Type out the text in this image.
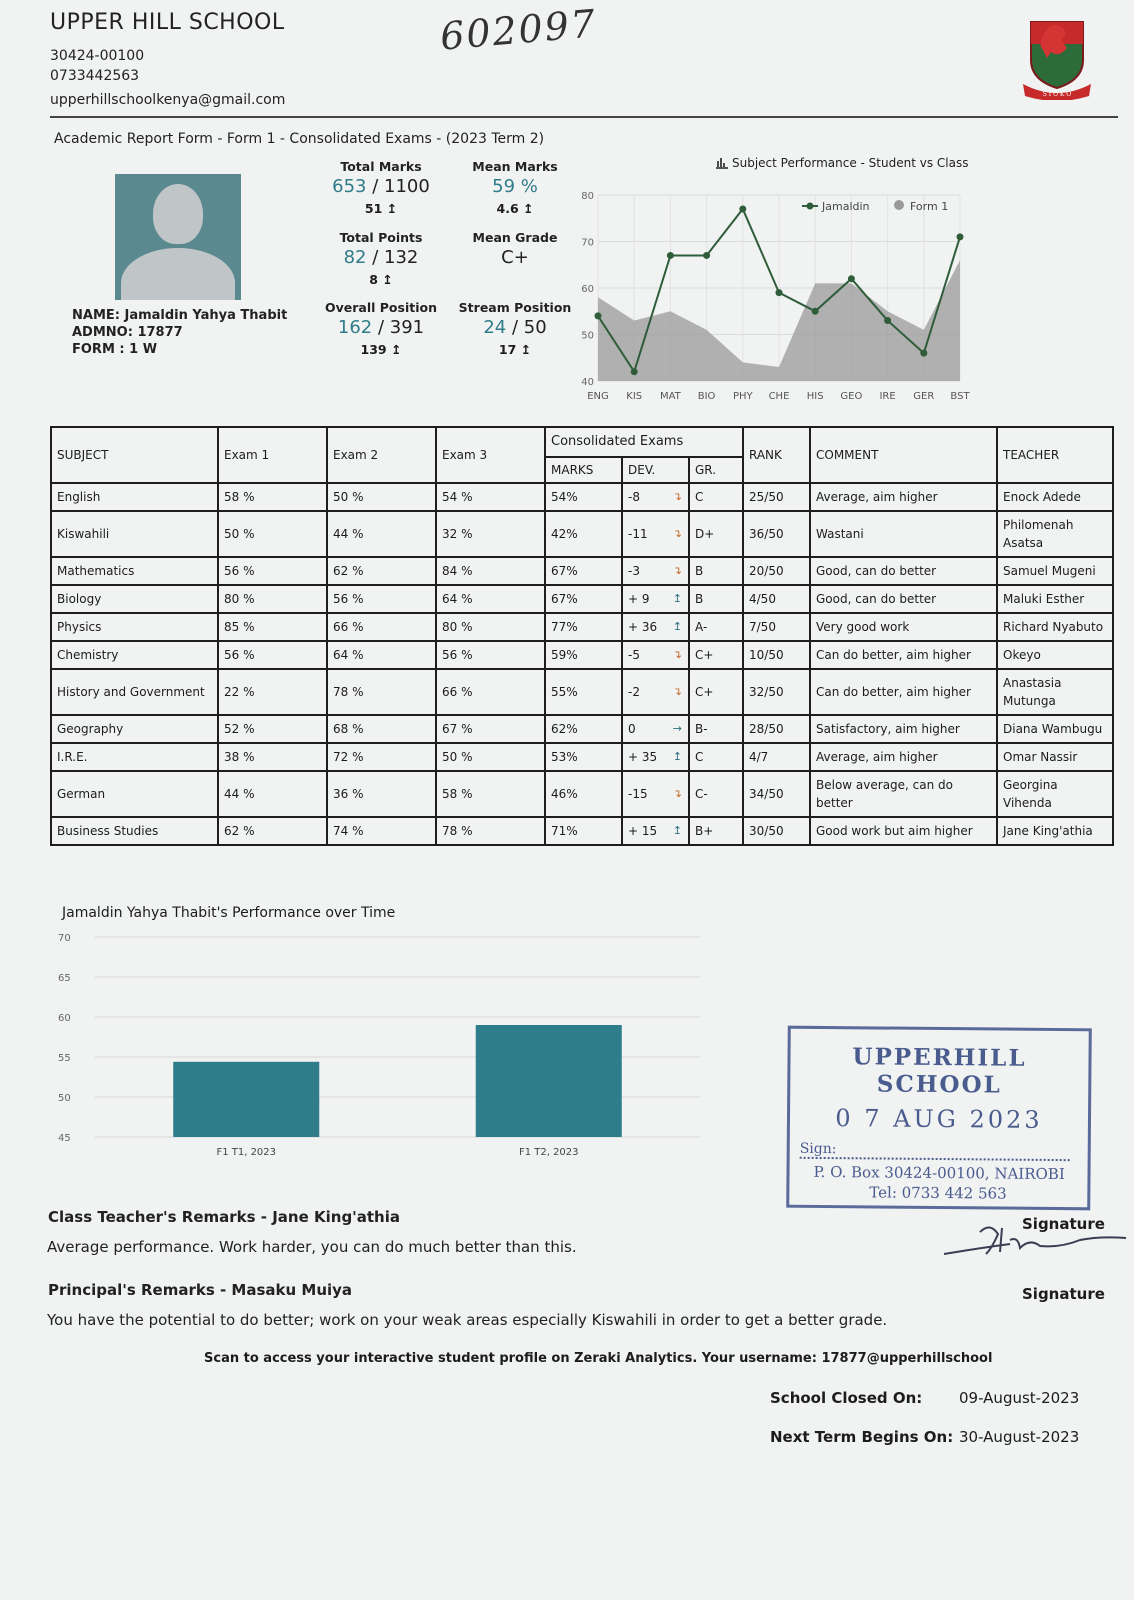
UPPER HILL SCHOOL
30424-00100
0733442563
upperhillschoolkenya@gmail.com
602097
S I O K O
Academic Report Form - Form 1 - Consolidated Exams - (2023 Term 2)
NAME: Jamaldin Yahya Thabit
ADMNO: 17877
FORM : 1 W
Total Marks
653 / 1100
51 ↥
Mean Marks
59 %
4.6 ↥
Total Points
82 / 132
8 ↥
Mean Grade
C+
Overall Position
162 / 391
139 ↥
Stream Position
24 / 50
17 ↥
Subject Performance - Student vs Class
40
50
60
70
80
ENG KIS MAT BIO PHY CHE HIS GEO IRE GER BST
Jamaldin	Form 1
SUBJECT	Exam 1	Exam 2	Exam 3	Consolidated Exams			RANK	COMMENT	TEACHER
				MARKS	DEV.	GR.			
English	58 %	50 %	54 %	54%	-8 ↴	C	25/50	Average, aim higher	Enock Adede
Kiswahili	50 %	44 %	32 %	42%	-11 ↴	D+	36/50	Wastani	Philomenah Asatsa
Mathematics	56 %	62 %	84 %	67%	-3 ↴	B	20/50	Good, can do better	Samuel Mugeni
Biology	80 %	56 %	64 %	67%	+ 9 ↥	B	4/50	Good, can do better	Maluki Esther
Physics	85 %	66 %	80 %	77%	+ 36 ↥	A-	7/50	Very good work	Richard Nyabuto
Chemistry	56 %	64 %	56 %	59%	-5 ↴	C+	10/50	Can do better, aim higher	Okeyo
History and Government	22 %	78 %	66 %	55%	-2 ↴	C+	32/50	Can do better, aim higher	Anastasia Mutunga
Geography	52 %	68 %	67 %	62%	0 →	B-	28/50	Satisfactory, aim higher	Diana Wambugu
I.R.E.	38 %	72 %	50 %	53%	+ 35 ↥	C	4/7	Average, aim higher	Omar Nassir
German	44 %	36 %	58 %	46%	-15 ↴	C-	34/50	Below average, can do better	Georgina Vihenda
Business Studies	62 %	74 %	78 %	71%	+ 15 ↥	B+	30/50	Good work but aim higher	Jane King'athia
Jamaldin Yahya Thabit's Performance over Time
45
50
55
60
65
70
F1 T1, 2023	F1 T2, 2023
UPPERHILL SCHOOL
0 7 AUG 2023
Sign:
P. O. Box 30424-00100, NAIROBI
Tel: 0733 442 563
Class Teacher's Remarks - Jane King'athia
Average performance. Work harder, you can do much better than this.
Signature
Principal's Remarks - Masaku Muiya
You have the potential to do better; work on your weak areas especially Kiswahili in order to get a better grade.
Signature
Scan to access your interactive student profile on Zeraki Analytics. Your username: 17877@upperhillschool
School Closed On: 09-August-2023
Next Term Begins On: 30-August-2023
